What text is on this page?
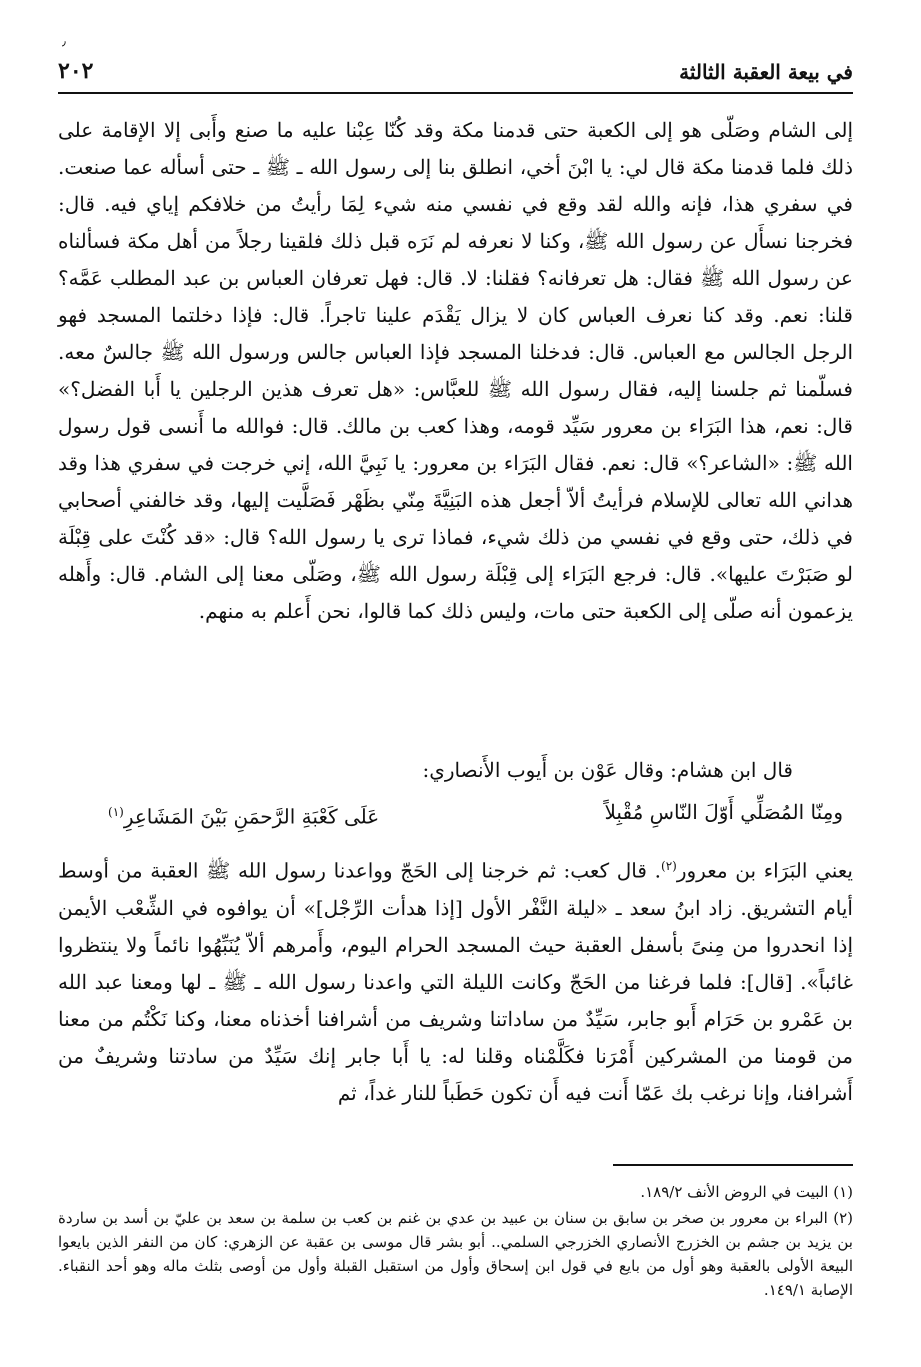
٫
في بيعة العقبة الثالثة
٢٠٢

إلى الشام وصَلّى هو إلى الكعبة حتى قدمنا مكة وقد كُنّا عِبْنا عليه ما صنع وأَبى إلا الإقامة على ذلك فلما قدمنا مكة قال لي: يا ابْنَ أخي، انطلق بنا إلى رسول الله ـ ﷺ ـ حتى أسأله عما صنعت. في سفري هذا، فإنه والله لقد وقع في نفسي منه شيء لِمَا رأيتُ من خلافكم إياي فيه. قال: فخرجنا نسأَل عن رسول الله ﷺ، وكنا لا نعرفه لم نَرَه قبل ذلك فلقينا رجلاً من أهل مكة فسألناه عن رسول الله ﷺ فقال: هل تعرفانه؟ فقلنا: لا. قال: فهل تعرفان العباس بن عبد المطلب عَمَّه؟ قلنا: نعم. وقد كنا نعرف العباس كان لا يزال يَقْدَم علينا تاجراً. قال: فإذا دخلتما المسجد فهو الرجل الجالس مع العباس. قال: فدخلنا المسجد فإذا العباس جالس ورسول الله ﷺ جالسٌ معه. فسلّمنا ثم جلسنا إليه، فقال رسول الله ﷺ للعبَّاس: «هل تعرف هذين الرجلين يا أَبا الفضل؟» قال: نعم، هذا البَرَاء بن معرور سَيِّد قومه، وهذا كعب بن مالك. قال: فوالله ما أَنسى قول رسول الله ﷺ: «الشاعر؟» قال: نعم. فقال البَرَاء بن معرور: يا نَبِيَّ الله، إني خرجت في سفري هذا وقد هداني الله تعالى للإسلام فرأيتُ ألاّ أجعل هذه البَنِيَّةَ مِنّي بظَهْر فَصَلَّيت إليها، وقد خالفني أصحابي في ذلك، حتى وقع في نفسي من ذلك شيء، فماذا ترى يا رسول الله؟ قال: «قد كُنْتَ على قِبْلَة لو صَبَرْتَ عليها». قال: فرجع البَرَاء إلى قِبْلَة رسول الله ﷺ، وصَلّى معنا إلى الشام. قال: وأَهله يزعمون أنه صلّى إلى الكعبة حتى مات، وليس ذلك كما قالوا، نحن أَعلم به منهم.

قال ابن هشام: وقال عَوْن بن أَيوب الأَنصاري:

ومِنّا المُصَلِّي أَوّلَ النّاسِ مُقْبِلاً
عَلَى كَعْبَةِ الرَّحمَنِ بَيْنَ المَشَاعِرِ$^{(١)}$

يعني البَرَاء بن معرور$^{(٢)}$. قال كعب: ثم خرجنا إلى الحَجّ وواعدنا رسول الله ﷺ العقبة من أوسط أيام التشريق. زاد ابنُ سعد ـ «ليلة النَّفْر الأول [إذا هدأت الرِّجْل]» أن يوافوه في الشِّعْب الأيمن إذا انحدروا من مِنىً بأسفل العقبة حيث المسجد الحرام اليوم، وأَمرهم ألاّ يُنَبِّهُوا نائماً ولا ينتظروا غائباً». [قال]: فلما فرغنا من الحَجّ وكانت الليلة التي واعدنا رسول الله ـ ﷺ ـ لها ومعنا عبد الله بن عَمْرو بن حَرَام أَبو جابر، سَيِّدٌ من ساداتنا وشريف من أشرافنا أخذناه معنا، وكنا نَكْتُم من معنا من قومنا من المشركين أَمْرَنا فكَلَّمْناه وقلنا له: يا أَبا جابر إنك سَيِّدٌ من سادتنا وشريفٌ من أَشرافنا، وإنا نرغب بك عَمّا أَنت فيه أَن تكون حَطَباً للنار غداً، ثم

(١) البيت في الروض الأنف ١٨٩/٢.

(٢) البراء بن معرور بن صخر بن سابق بن سنان بن عبيد بن عدي بن غنم بن كعب بن سلمة بن سعد بن عليّ بن أسد بن ساردة بن يزيد بن جشم بن الخزرج الأنصاري الخزرجي السلمي.. أبو بشر قال موسى بن عقبة عن الزهري: كان من النفر الذين بايعوا البيعة الأولى بالعقبة وهو أول من بايع في قول ابن إسحاق وأول من استقبل القبلة وأول من أوصى بثلث ماله وهو أحد النقباء. الإصابة ١٤٩/١.
